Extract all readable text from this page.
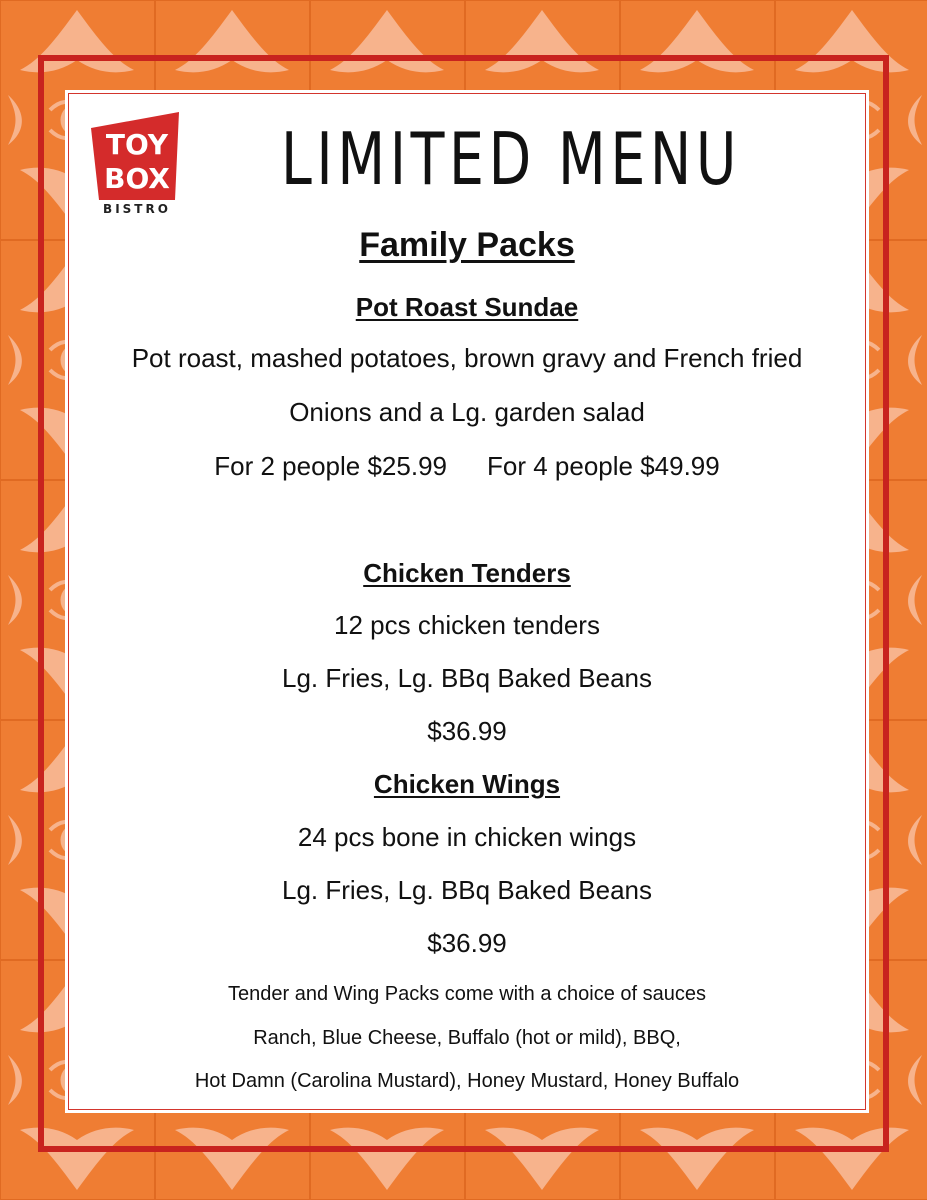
TOY
BOX
BISTRO
LIMITED MENU
Family Packs
Pot Roast Sundae
Pot roast, mashed potatoes, brown gravy and French fried
Onions and a Lg. garden salad
For 2 people $25.99 For 4 people $49.99
Chicken Tenders
12 pcs chicken tenders
Lg. Fries, Lg. BBq Baked Beans
$36.99
Chicken Wings
24 pcs bone in chicken wings
Lg. Fries, Lg. BBq Baked Beans
$36.99
Tender and Wing Packs come with a choice of sauces
Ranch, Blue Cheese, Buffalo (hot or mild), BBQ,
Hot Damn (Carolina Mustard), Honey Mustard, Honey Buffalo
